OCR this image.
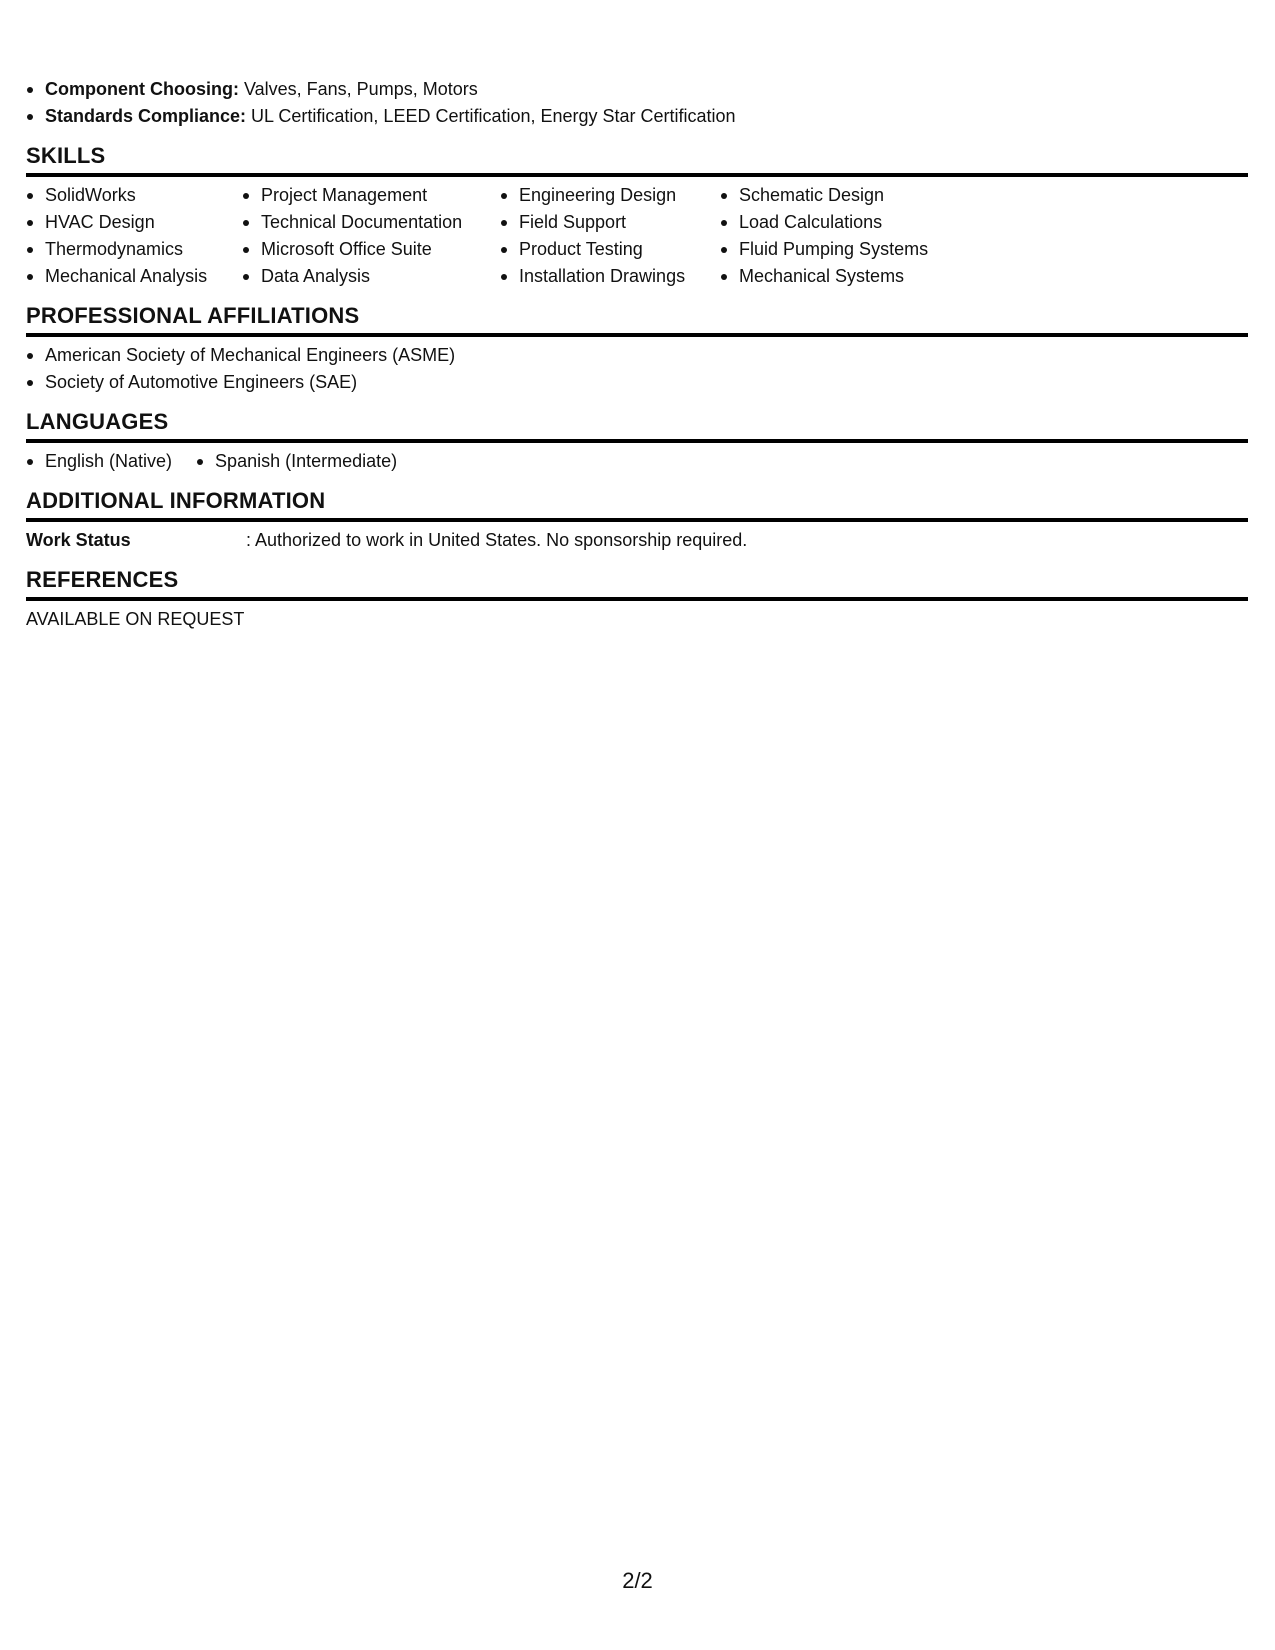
Component Choosing: Valves, Fans, Pumps, Motors
Standards Compliance: UL Certification, LEED Certification, Energy Star Certification
SKILLS
SolidWorks
HVAC Design
Thermodynamics
Mechanical Analysis
Project Management
Technical Documentation
Microsoft Office Suite
Data Analysis
Engineering Design
Field Support
Product Testing
Installation Drawings
Schematic Design
Load Calculations
Fluid Pumping Systems
Mechanical Systems
PROFESSIONAL AFFILIATIONS
American Society of Mechanical Engineers (ASME)
Society of Automotive Engineers (SAE)
LANGUAGES
English (Native)	Spanish (Intermediate)
ADDITIONAL INFORMATION
Work Status	: Authorized to work in United States. No sponsorship required.
REFERENCES
AVAILABLE ON REQUEST
2/2
